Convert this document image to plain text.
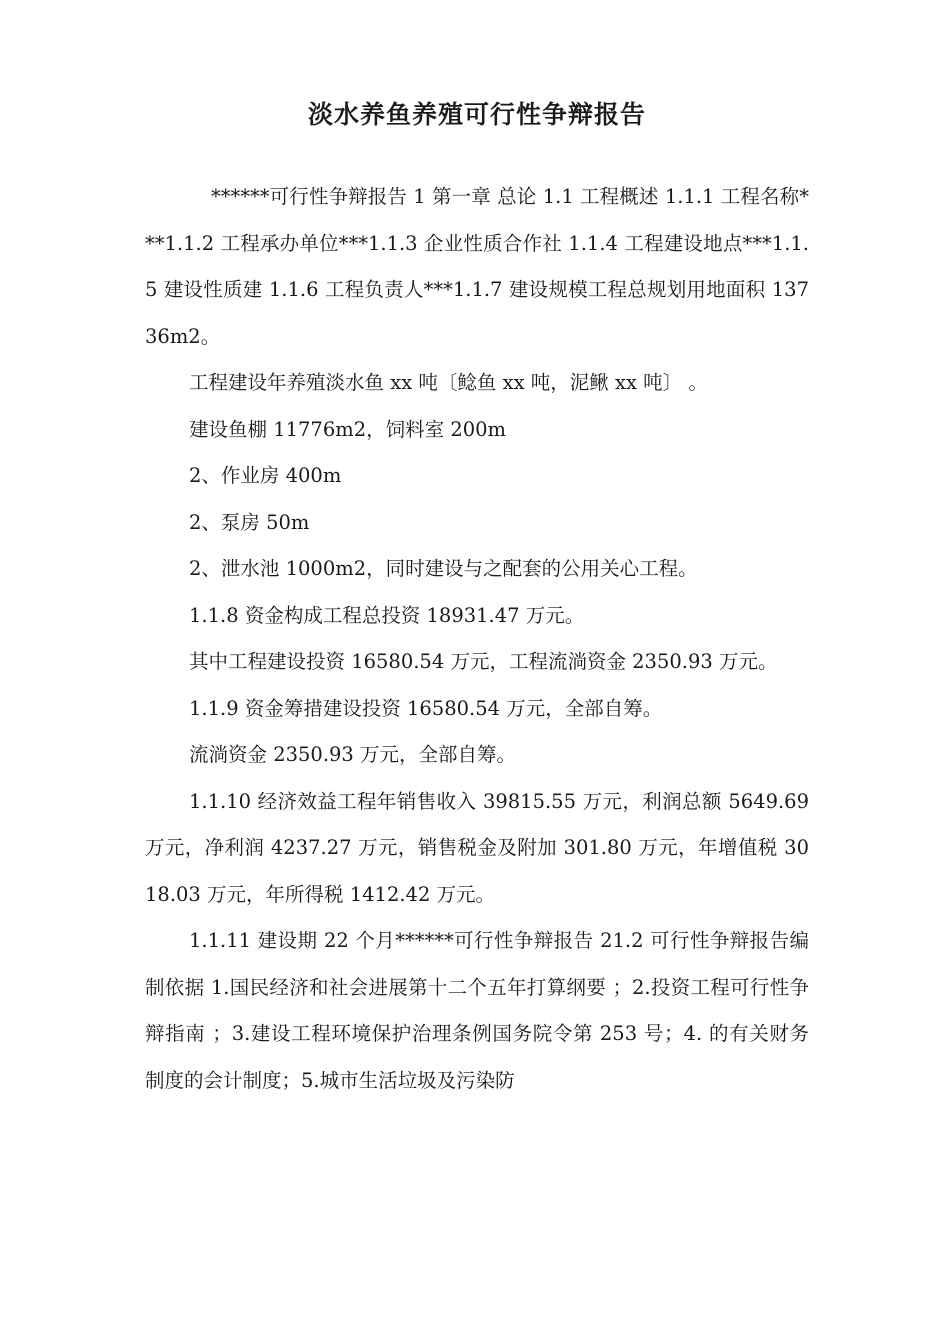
淡水养鱼养殖可行性争辩报告

******可行性争辩报告 1 第一章 总论 1.1 工程概述 1.1.1 工程名称***1.1.2 工程承办单位***1.1.3 企业性质合作社 1.1.4 工程建设地点***1.1.5 建设性质建 1.1.6 工程负责人***1.1.7 建设规模工程总规划用地面积 13736m2。

工程建设年养殖淡水鱼 xx 吨〔鲶鱼 xx 吨，泥鳅 xx 吨〕 。

建设鱼棚 11776m2，饲料室 200m

2、作业房 400m

2、泵房 50m

2、泄水池 1000m2，同时建设与之配套的公用关心工程。

1.1.8 资金构成工程总投资 18931.47 万元。

其中工程建设投资 16580.54 万元，工程流淌资金 2350.93 万元。

1.1.9 资金筹措建设投资 16580.54 万元，全部自筹。

流淌资金 2350.93 万元，全部自筹。

1.1.10 经济效益工程年销售收入 39815.55 万元，利润总额 5649.69 万元，净利润 4237.27 万元，销售税金及附加 301.80 万元，年增值税 3018.03 万元，年所得税 1412.42 万元。

1.1.11 建设期 22 个月******可行性争辩报告 21.2 可行性争辩报告编制依据 1.国民经济和社会进展第十二个五年打算纲要 ；2.投资工程可行性争辩指南 ；3.建设工程环境保护治理条例国务院令第 253 号；4. 的有关财务制度的会计制度；5.城市生活垃圾及污染防
